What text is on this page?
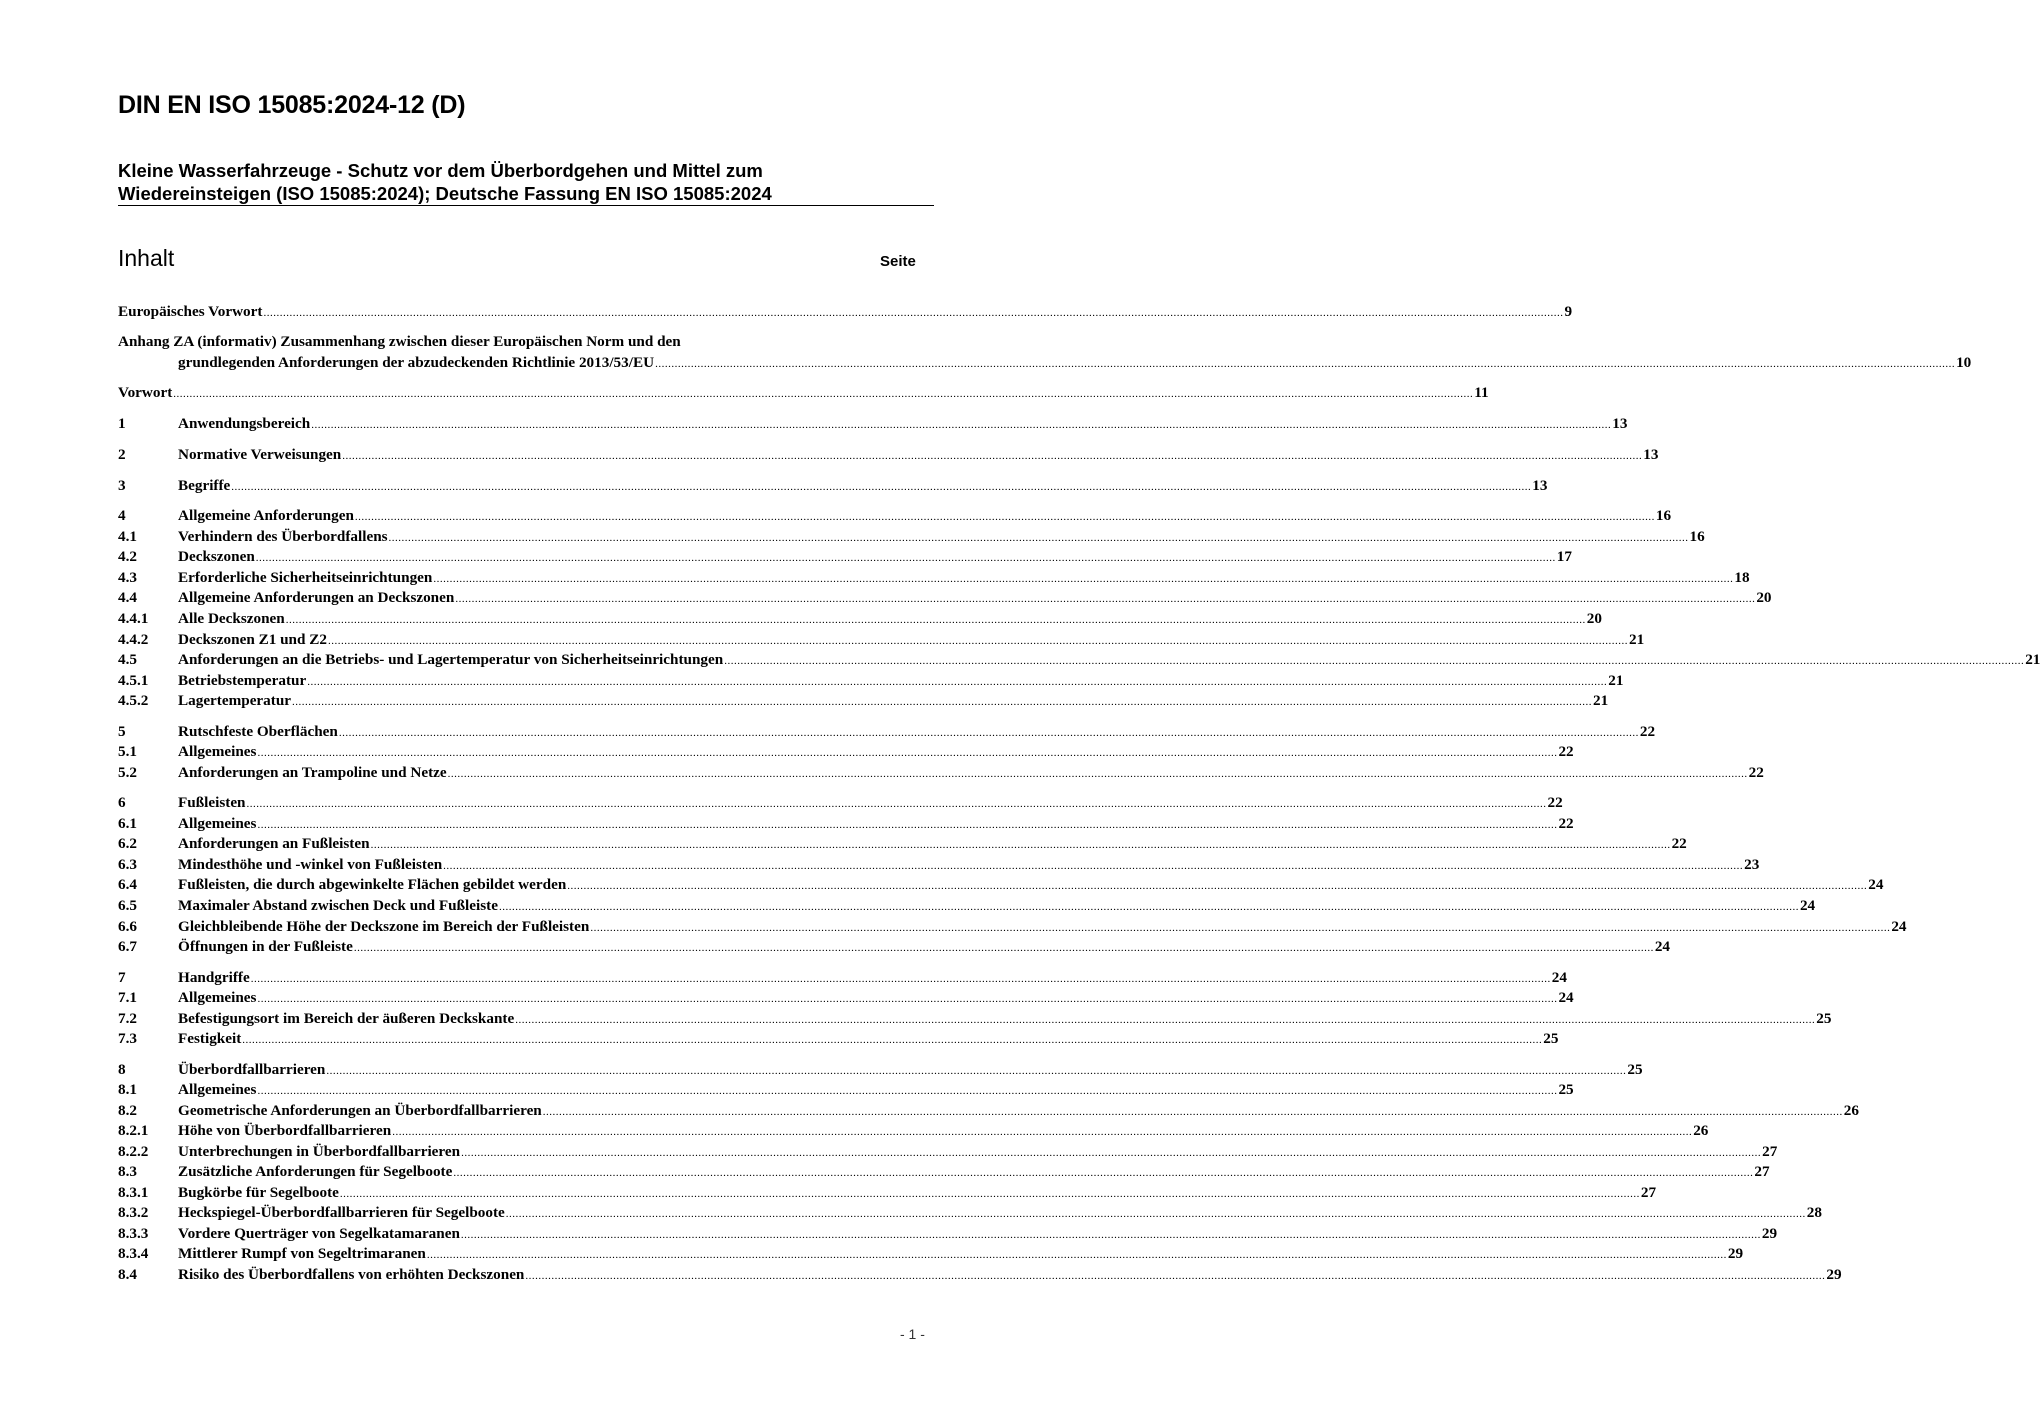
DIN EN ISO 15085:2024-12 (D)
Kleine Wasserfahrzeuge - Schutz vor dem Überbordgehen und Mittel zum
Wiedereinsteigen (ISO 15085:2024); Deutsche Fassung EN ISO 15085:2024
Inhalt	Seite
Europäisches Vorwort ................................................................................................................................................................................................................................................................................................................................................................................................................ 9
Anhang ZA (informativ) Zusammenhang zwischen dieser Europäischen Norm und den
grundlegenden Anforderungen der abzudeckenden Richtlinie 2013/53/EU ................................................................................................................................................................................................................................................................................................................................................................................................................ 10
Vorwort ................................................................................................................................................................................................................................................................................................................................................................................................................ 11
1	Anwendungsbereich ................................................................................................................................................................................................................................................................................................................................................................................................................ 13
2	Normative Verweisungen ................................................................................................................................................................................................................................................................................................................................................................................................................ 13
3	Begriffe ................................................................................................................................................................................................................................................................................................................................................................................................................ 13
4	Allgemeine Anforderungen ................................................................................................................................................................................................................................................................................................................................................................................................................ 16
4.1	Verhindern des Überbordfallens ................................................................................................................................................................................................................................................................................................................................................................................................................ 16
4.2	Deckszonen ................................................................................................................................................................................................................................................................................................................................................................................................................ 17
4.3	Erforderliche Sicherheitseinrichtungen ................................................................................................................................................................................................................................................................................................................................................................................................................ 18
4.4	Allgemeine Anforderungen an Deckszonen ................................................................................................................................................................................................................................................................................................................................................................................................................ 20
4.4.1	Alle Deckszonen ................................................................................................................................................................................................................................................................................................................................................................................................................ 20
4.4.2	Deckszonen Z1 und Z2 ................................................................................................................................................................................................................................................................................................................................................................................................................ 21
4.5	Anforderungen an die Betriebs- und Lagertemperatur von Sicherheitseinrichtungen ................................................................................................................................................................................................................................................................................................................................................................................................................ 21
4.5.1	Betriebstemperatur ................................................................................................................................................................................................................................................................................................................................................................................................................ 21
4.5.2	Lagertemperatur ................................................................................................................................................................................................................................................................................................................................................................................................................ 21
5	Rutschfeste Oberflächen ................................................................................................................................................................................................................................................................................................................................................................................................................ 22
5.1	Allgemeines ................................................................................................................................................................................................................................................................................................................................................................................................................ 22
5.2	Anforderungen an Trampoline und Netze ................................................................................................................................................................................................................................................................................................................................................................................................................ 22
6	Fußleisten ................................................................................................................................................................................................................................................................................................................................................................................................................ 22
6.1	Allgemeines ................................................................................................................................................................................................................................................................................................................................................................................................................ 22
6.2	Anforderungen an Fußleisten ................................................................................................................................................................................................................................................................................................................................................................................................................ 22
6.3	Mindesthöhe und -winkel von Fußleisten ................................................................................................................................................................................................................................................................................................................................................................................................................ 23
6.4	Fußleisten, die durch abgewinkelte Flächen gebildet werden ................................................................................................................................................................................................................................................................................................................................................................................................................ 24
6.5	Maximaler Abstand zwischen Deck und Fußleiste ................................................................................................................................................................................................................................................................................................................................................................................................................ 24
6.6	Gleichbleibende Höhe der Deckszone im Bereich der Fußleisten ................................................................................................................................................................................................................................................................................................................................................................................................................ 24
6.7	Öffnungen in der Fußleiste ................................................................................................................................................................................................................................................................................................................................................................................................................ 24
7	Handgriffe ................................................................................................................................................................................................................................................................................................................................................................................................................ 24
7.1	Allgemeines ................................................................................................................................................................................................................................................................................................................................................................................................................ 24
7.2	Befestigungsort im Bereich der äußeren Deckskante ................................................................................................................................................................................................................................................................................................................................................................................................................ 25
7.3	Festigkeit ................................................................................................................................................................................................................................................................................................................................................................................................................ 25
8	Überbordfallbarrieren ................................................................................................................................................................................................................................................................................................................................................................................................................ 25
8.1	Allgemeines ................................................................................................................................................................................................................................................................................................................................................................................................................ 25
8.2	Geometrische Anforderungen an Überbordfallbarrieren ................................................................................................................................................................................................................................................................................................................................................................................................................ 26
8.2.1	Höhe von Überbordfallbarrieren ................................................................................................................................................................................................................................................................................................................................................................................................................ 26
8.2.2	Unterbrechungen in Überbordfallbarrieren ................................................................................................................................................................................................................................................................................................................................................................................................................ 27
8.3	Zusätzliche Anforderungen für Segelboote ................................................................................................................................................................................................................................................................................................................................................................................................................ 27
8.3.1	Bugkörbe für Segelboote ................................................................................................................................................................................................................................................................................................................................................................................................................ 27
8.3.2	Heckspiegel-Überbordfallbarrieren für Segelboote ................................................................................................................................................................................................................................................................................................................................................................................................................ 28
8.3.3	Vordere Querträger von Segelkatamaranen ................................................................................................................................................................................................................................................................................................................................................................................................................ 29
8.3.4	Mittlerer Rumpf von Segeltrimaranen ................................................................................................................................................................................................................................................................................................................................................................................................................ 29
8.4	Risiko des Überbordfallens von erhöhten Deckszonen ................................................................................................................................................................................................................................................................................................................................................................................................................ 29
- 1 -
